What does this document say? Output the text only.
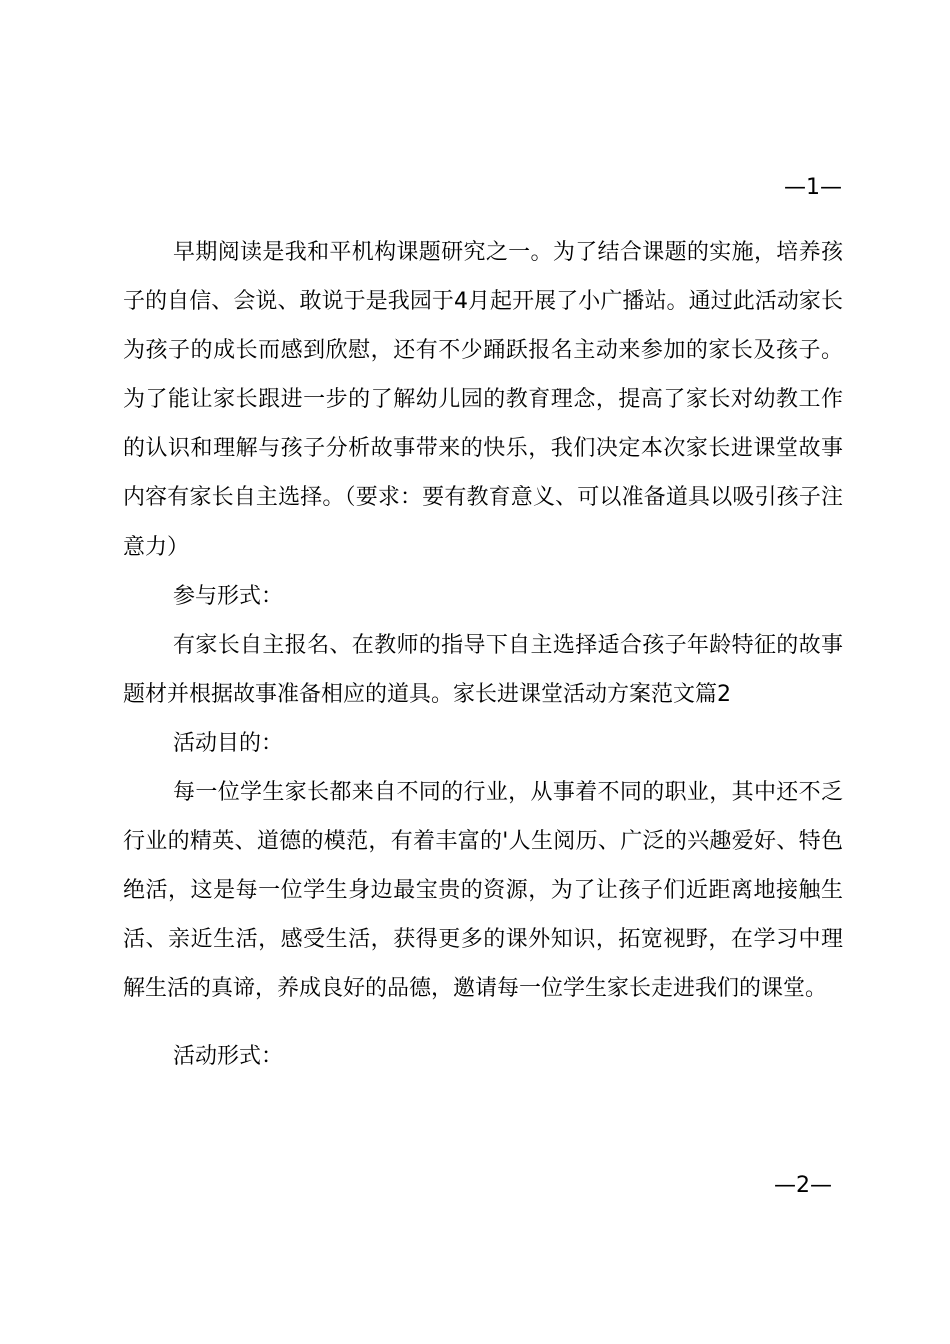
—1—

早期阅读是我和平机构课题研究之一。为了结合课题的实施，培养孩子的自信、会说、敢说于是我园于4月起开展了小广播站。通过此活动家长为孩子的成长而感到欣慰，还有不少踊跃报名主动来参加的家长及孩子。为了能让家长跟进一步的了解幼儿园的教育理念，提高了家长对幼教工作的认识和理解与孩子分析故事带来的快乐，我们决定本次家长进课堂故事内容有家长自主选择。（要求：要有教育意义、可以准备道具以吸引孩子注意力）

参与形式：

有家长自主报名、在教师的指导下自主选择适合孩子年龄特征的故事题材并根据故事准备相应的道具。家长进课堂活动方案范文篇2

活动目的：

每一位学生家长都来自不同的行业，从事着不同的职业，其中还不乏行业的精英、道德的模范，有着丰富的'人生阅历、广泛的兴趣爱好、特色绝活，这是每一位学生身边最宝贵的资源，为了让孩子们近距离地接触生活、亲近生活，感受生活，获得更多的课外知识，拓宽视野，在学习中理解生活的真谛，养成良好的品德，邀请每一位学生家长走进我们的课堂。

活动形式：

—2—
